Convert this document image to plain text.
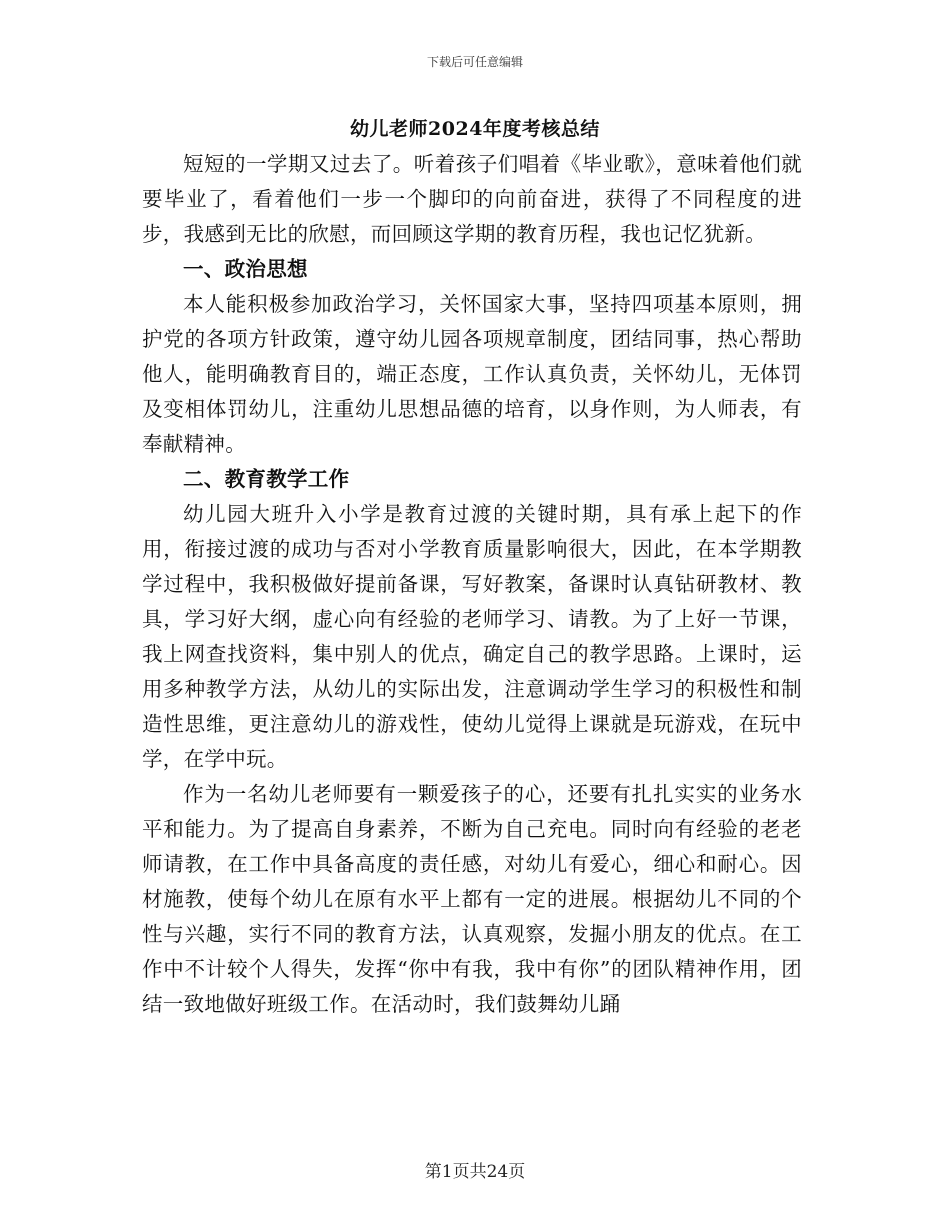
下载后可任意编辑
幼儿老师2024年度考核总结

短短的一学期又过去了。听着孩子们唱着《毕业歌》，意味着他们就要毕业了，看着他们一步一个脚印的向前奋进，获得了不同程度的进步，我感到无比的欣慰，而回顾这学期的教育历程，我也记忆犹新。

一、政治思想

本人能积极参加政治学习，关怀国家大事，坚持四项基本原则，拥护党的各项方针政策，遵守幼儿园各项规章制度，团结同事，热心帮助他人，能明确教育目的，端正态度，工作认真负责，关怀幼儿，无体罚及变相体罚幼儿，注重幼儿思想品德的培育，以身作则，为人师表，有奉献精神。

二、教育教学工作

幼儿园大班升入小学是教育过渡的关键时期，具有承上起下的作用，衔接过渡的成功与否对小学教育质量影响很大，因此，在本学期教学过程中，我积极做好提前备课，写好教案，备课时认真钻研教材、教具，学习好大纲，虚心向有经验的老师学习、请教。为了上好一节课，我上网查找资料，集中别人的优点，确定自己的教学思路。上课时，运用多种教学方法，从幼儿的实际出发，注意调动学生学习的积极性和制造性思维，更注意幼儿的游戏性，使幼儿觉得上课就是玩游戏，在玩中学，在学中玩。

作为一名幼儿老师要有一颗爱孩子的心，还要有扎扎实实的业务水平和能力。为了提高自身素养，不断为自己充电。同时向有经验的老老师请教，在工作中具备高度的责任感，对幼儿有爱心，细心和耐心。因材施教，使每个幼儿在原有水平上都有一定的进展。根据幼儿不同的个性与兴趣，实行不同的教育方法，认真观察，发掘小朋友的优点。在工作中不计较个人得失，发挥“你中有我，我中有你”的团队精神作用，团结一致地做好班级工作。在活动时，我们鼓舞幼儿踊

第1页共24页
